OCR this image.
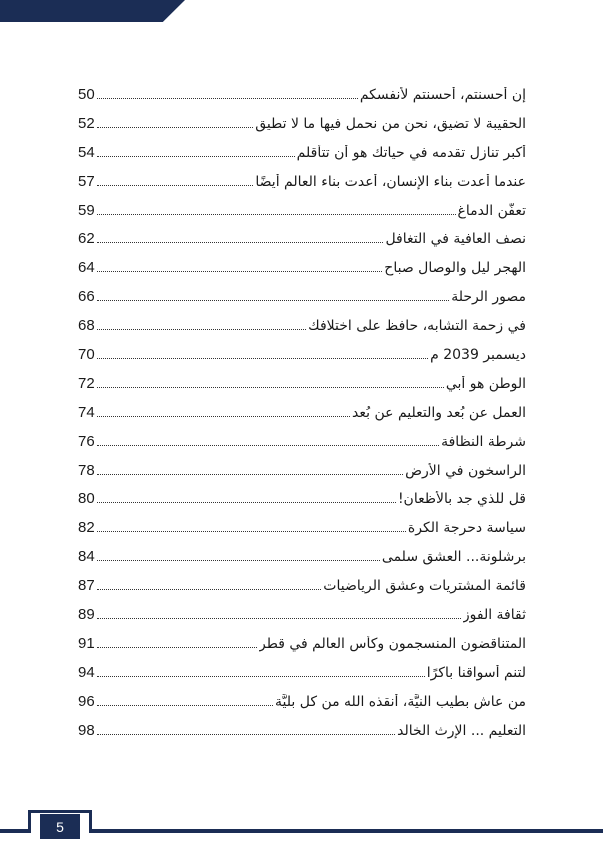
إن أحسنتم، أحسنتم لأنفسكم
50
الحقيبة لا تضيق، نحن من نحمل فيها ما لا تطيق
52
أكبر تنازل تقدمه في حياتك هو أن تتأقلم
54
عندما أعدت بناء الإنسان، أعدت بناء العالم أيضًا
57
تعفُّن الدماغ
59
نصف العافية في التغافل
62
الهجر ليل والوصال صباح
64
مصور الرحلة
66
في زحمة التشابه، حافظ على اختلافك
68
ديسمبر 2039 م
70
الوطن هو أبي
72
العمل عن بُعد والتعليم عن بُعد
74
شرطة النظافة
76
الراسخون في الأرض
78
قل للذي جد بالأظعان!
80
سياسة دحرجة الكرة
82
برشلونة... العشق سلمى
84
قائمة المشتريات وعشق الرياضيات
87
ثقافة الفوز
89
المتناقضون المنسجمون وكأس العالم في قطر
91
لتنم أسواقنا باكرًا
94
من عاش بطيب النيَّة، أنقذه الله من كل بليَّة
96
التعليم ... الإرث الخالد
98
5
